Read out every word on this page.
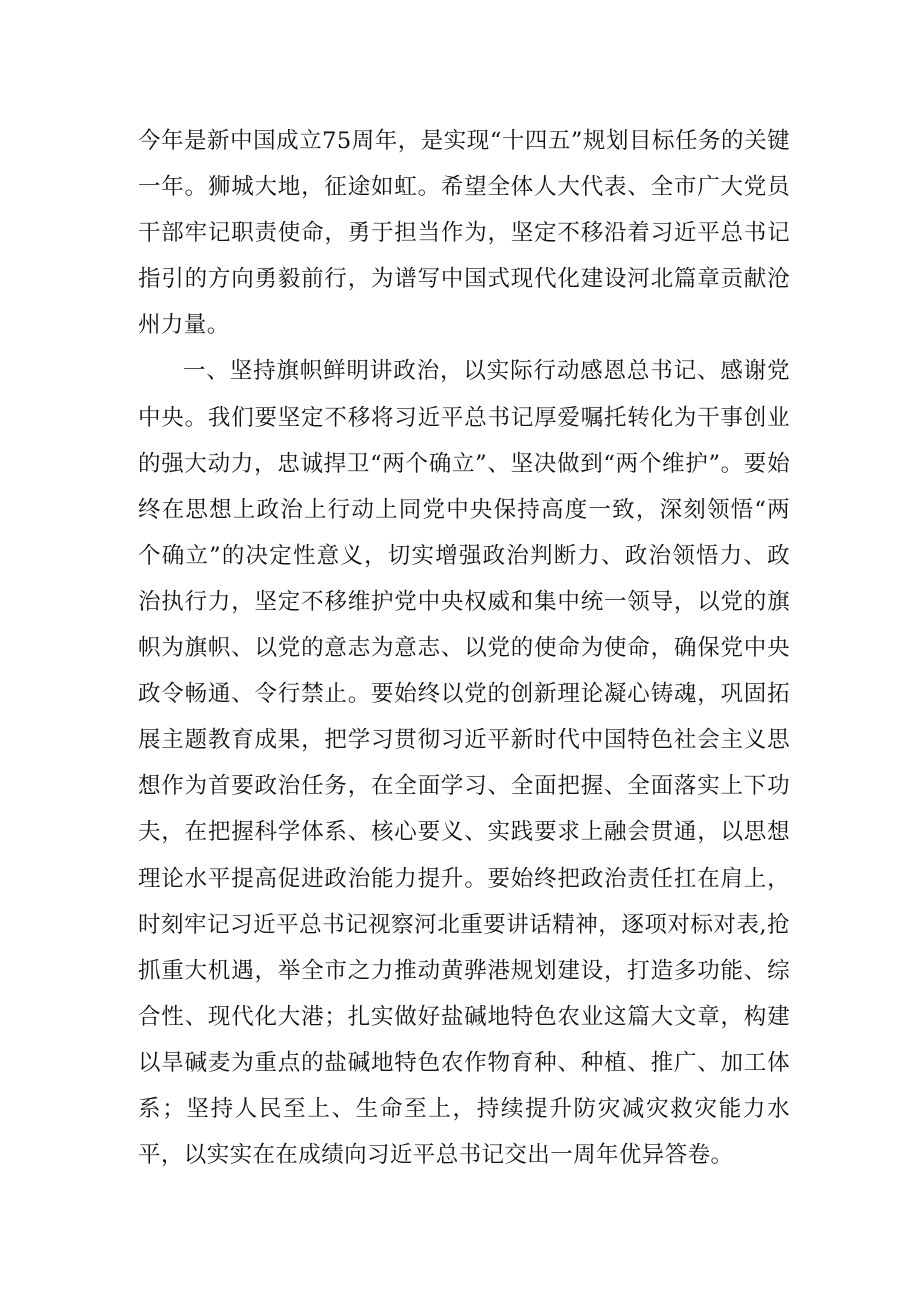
今年是新中国成立75周年，是实现“十四五”规划目标任务的关键一年。狮城大地，征途如虹。希望全体人大代表、全市广大党员干部牢记职责使命，勇于担当作为，坚定不移沿着习近平总书记指引的方向勇毅前行，为谱写中国式现代化建设河北篇章贡献沧州力量。

一、坚持旗帜鲜明讲政治，以实际行动感恩总书记、感谢党中央。我们要坚定不移将习近平总书记厚爱嘱托转化为干事创业的强大动力，忠诚捍卫“两个确立”、坚决做到“两个维护”。要始终在思想上政治上行动上同党中央保持高度一致，深刻领悟“两个确立”的决定性意义，切实增强政治判断力、政治领悟力、政治执行力，坚定不移维护党中央权威和集中统一领导，以党的旗帜为旗帜、以党的意志为意志、以党的使命为使命，确保党中央政令畅通、令行禁止。要始终以党的创新理论凝心铸魂，巩固拓展主题教育成果，把学习贯彻习近平新时代中国特色社会主义思想作为首要政治任务，在全面学习、全面把握、全面落实上下功夫，在把握科学体系、核心要义、实践要求上融会贯通，以思想理论水平提高促进政治能力提升。要始终把政治责任扛在肩上，时刻牢记习近平总书记视察河北重要讲话精神，逐项对标对表,抢抓重大机遇，举全市之力推动黄骅港规划建设，打造多功能、综合性、现代化大港；扎实做好盐碱地特色农业这篇大文章，构建以旱碱麦为重点的盐碱地特色农作物育种、种植、推广、加工体系；坚持人民至上、生命至上，持续提升防灾减灾救灾能力水平，以实实在在成绩向习近平总书记交出一周年优异答卷。
